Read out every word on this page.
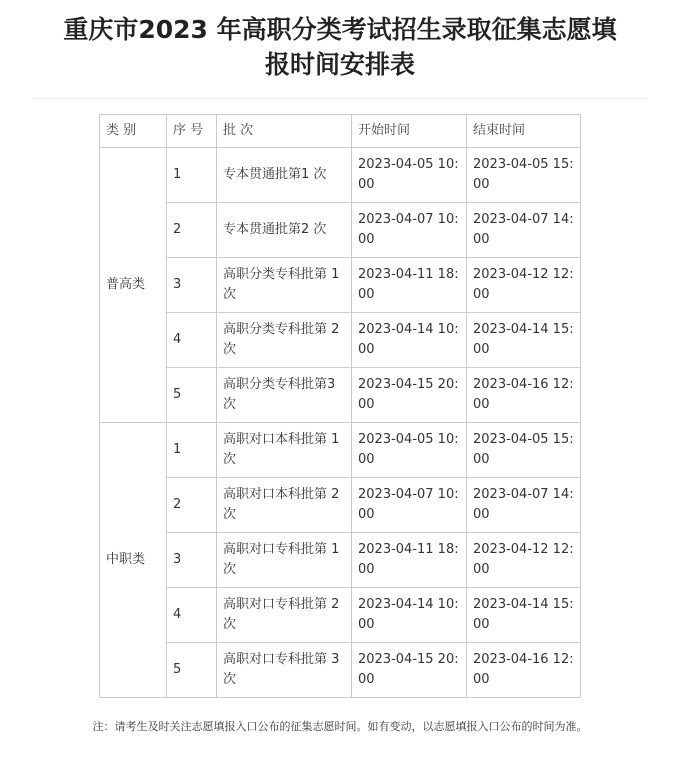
重庆市2023 年高职分类考试招生录取征集志愿填
报时间安排表
类 别	序 号	批 次	开始时间	结束时间
	1	专本贯通批第1 次	2023-04-05 10:00	2023-04-05 15:00
	2	专本贯通批第2 次	2023-04-07 10:00	2023-04-07 14:00
普高类	3	高职分类专科批第 1 次	2023-04-11 18:00	2023-04-12 12:00
	4	高职分类专科批第 2 次	2023-04-14 10:00	2023-04-14 15:00
	5	高职分类专科批第3 次	2023-04-15 20:00	2023-04-16 12:00
	1	高职对口本科批第 1 次	2023-04-05 10:00	2023-04-05 15:00
	2	高职对口本科批第 2 次	2023-04-07 10:00	2023-04-07 14:00
中职类	3	高职对口专科批第 1 次	2023-04-11 18:00	2023-04-12 12:00
	4	高职对口专科批第 2 次	2023-04-14 10:00	2023-04-14 15:00
	5	高职对口专科批第 3 次	2023-04-15 20:00	2023-04-16 12:00
注：请考生及时关注志愿填报入口公布的征集志愿时间。如有变动，以志愿填报入口公布的时间为准。
